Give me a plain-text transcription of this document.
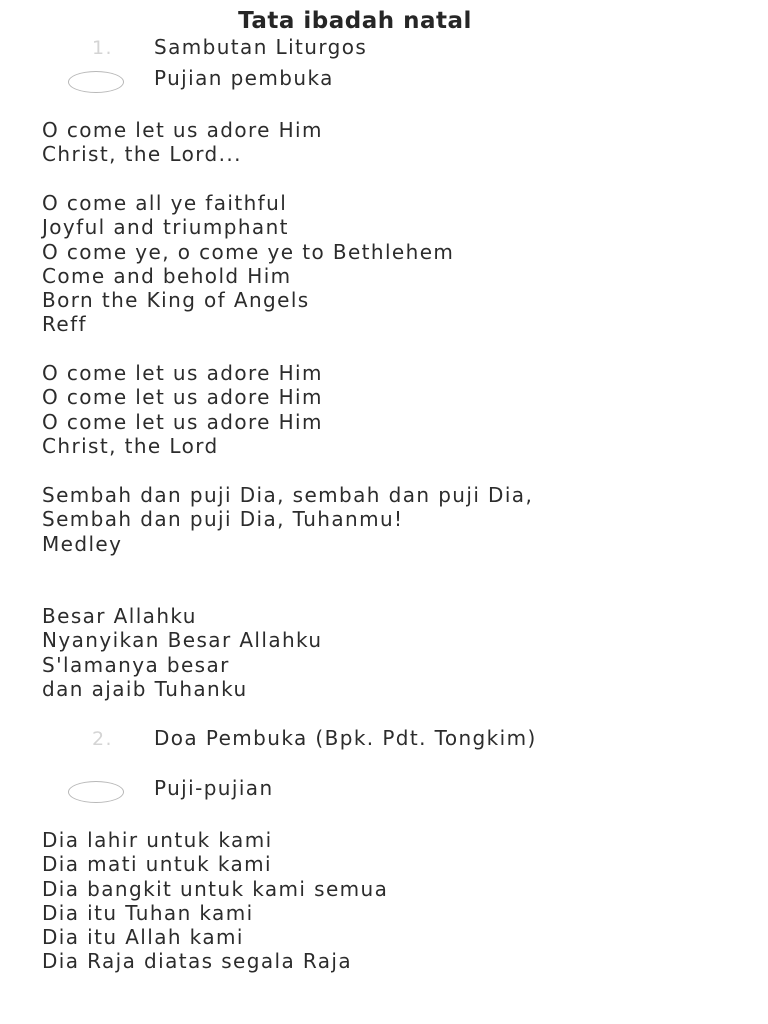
Tata ibadah natal
1. Sambutan Liturgos
Pujian pembuka

O come let us adore Him
Christ, the Lord...

O come all ye faithful
Joyful and triumphant
O come ye, o come ye to Bethlehem
Come and behold Him
Born the King of Angels
Reff

O come let us adore Him
O come let us adore Him
O come let us adore Him
Christ, the Lord

Sembah dan puji Dia, sembah dan puji Dia,
Sembah dan puji Dia, Tuhanmu!
Medley

Besar Allahku
Nyanyikan Besar Allahku
S'lamanya besar
dan ajaib Tuhanku

2. Doa Pembuka (Bpk. Pdt. Tongkim)
Puji-pujian

Dia lahir untuk kami
Dia mati untuk kami
Dia bangkit untuk kami semua
Dia itu Tuhan kami
Dia itu Allah kami
Dia Raja diatas segala Raja
